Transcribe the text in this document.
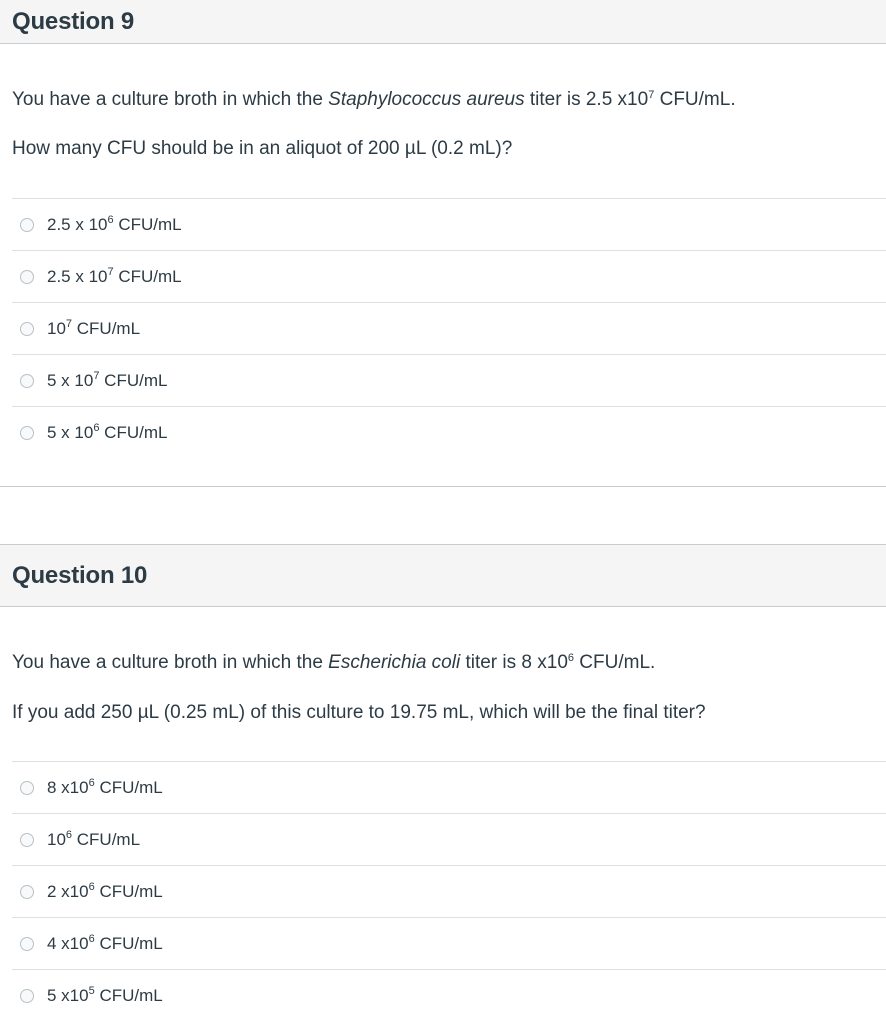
Question 9

You have a culture broth in which the Staphylococcus aureus titer is 2.5 $x10^7$ CFU/mL.

How many CFU should be in an aliquot of 200 µL (0.2 mL)?

2.5 x $10^6$ CFU/mL
2.5 x $10^7$ CFU/mL
$10^7$ CFU/mL
5 x $10^7$ CFU/mL
5 x $10^6$ CFU/mL
Question 10

You have a culture broth in which the Escherichia coli titer is 8 $x10^6$ CFU/mL.

If you add 250 µL (0.25 mL) of this culture to 19.75 mL, which will be the final titer?

8 $x10^6$ CFU/mL
$10^6$ CFU/mL
2 $x10^6$ CFU/mL
4 $x10^6$ CFU/mL
5 $x10^5$ CFU/mL
